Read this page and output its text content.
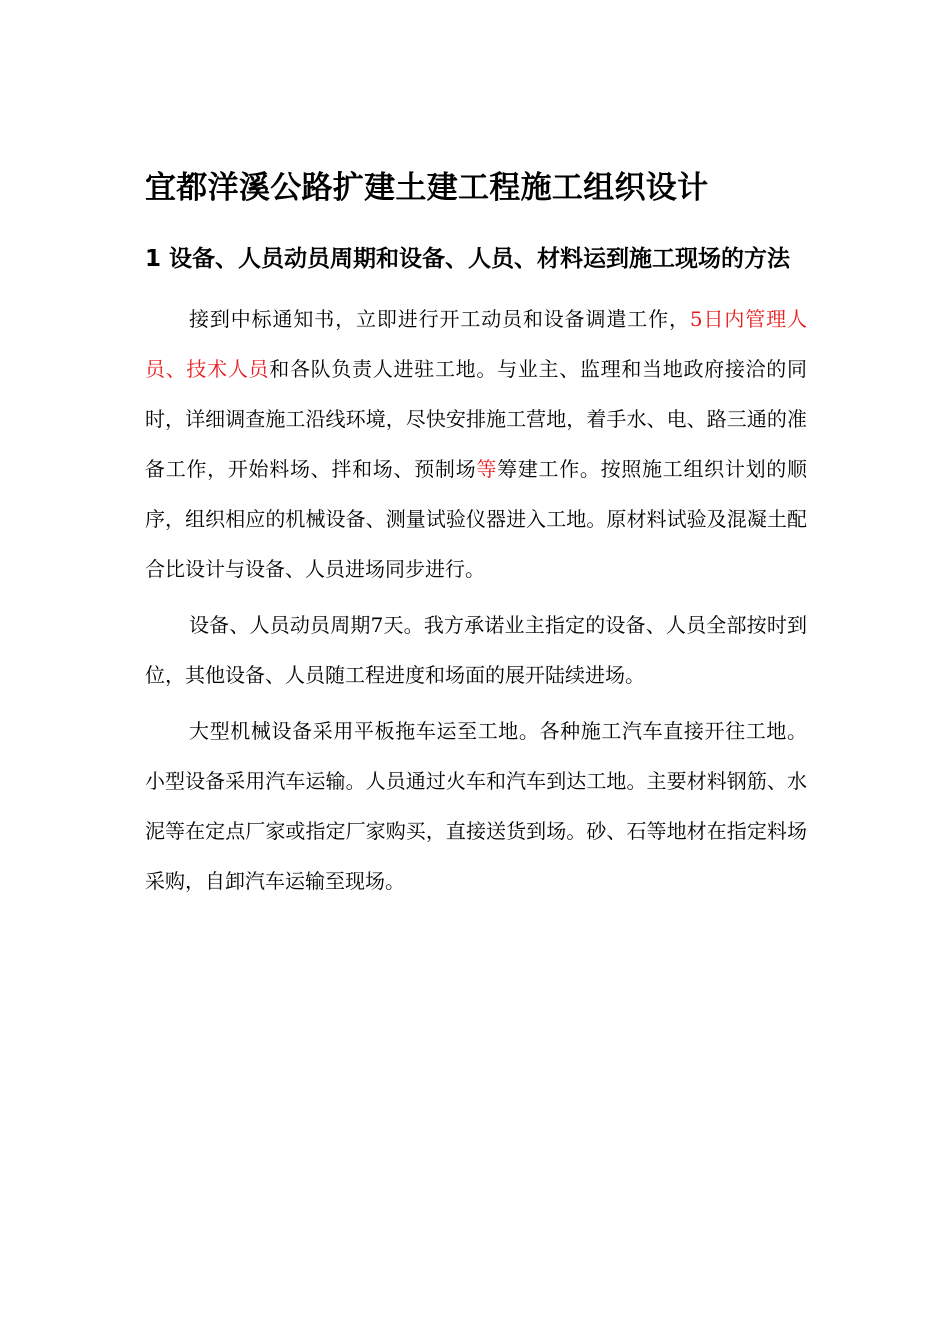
宜都洋溪公路扩建土建工程施工组织设计
1 设备、人员动员周期和设备、人员、材料运到施工现场的方法

接到中标通知书，立即进行开工动员和设备调遣工作，5日内管理人员、技术人员和各队负责人进驻工地。与业主、监理和当地政府接洽的同时，详细调查施工沿线环境，尽快安排施工营地，着手水、电、路三通的准备工作，开始料场、拌和场、预制场等筹建工作。按照施工组织计划的顺序，组织相应的机械设备、测量试验仪器进入工地。原材料试验及混凝土配合比设计与设备、人员进场同步进行。

设备、人员动员周期7天。我方承诺业主指定的设备、人员全部按时到位，其他设备、人员随工程进度和场面的展开陆续进场。

大型机械设备采用平板拖车运至工地。各种施工汽车直接开往工地。小型设备采用汽车运输。人员通过火车和汽车到达工地。主要材料钢筋、水泥等在定点厂家或指定厂家购买，直接送货到场。砂、石等地材在指定料场采购，自卸汽车运输至现场。
